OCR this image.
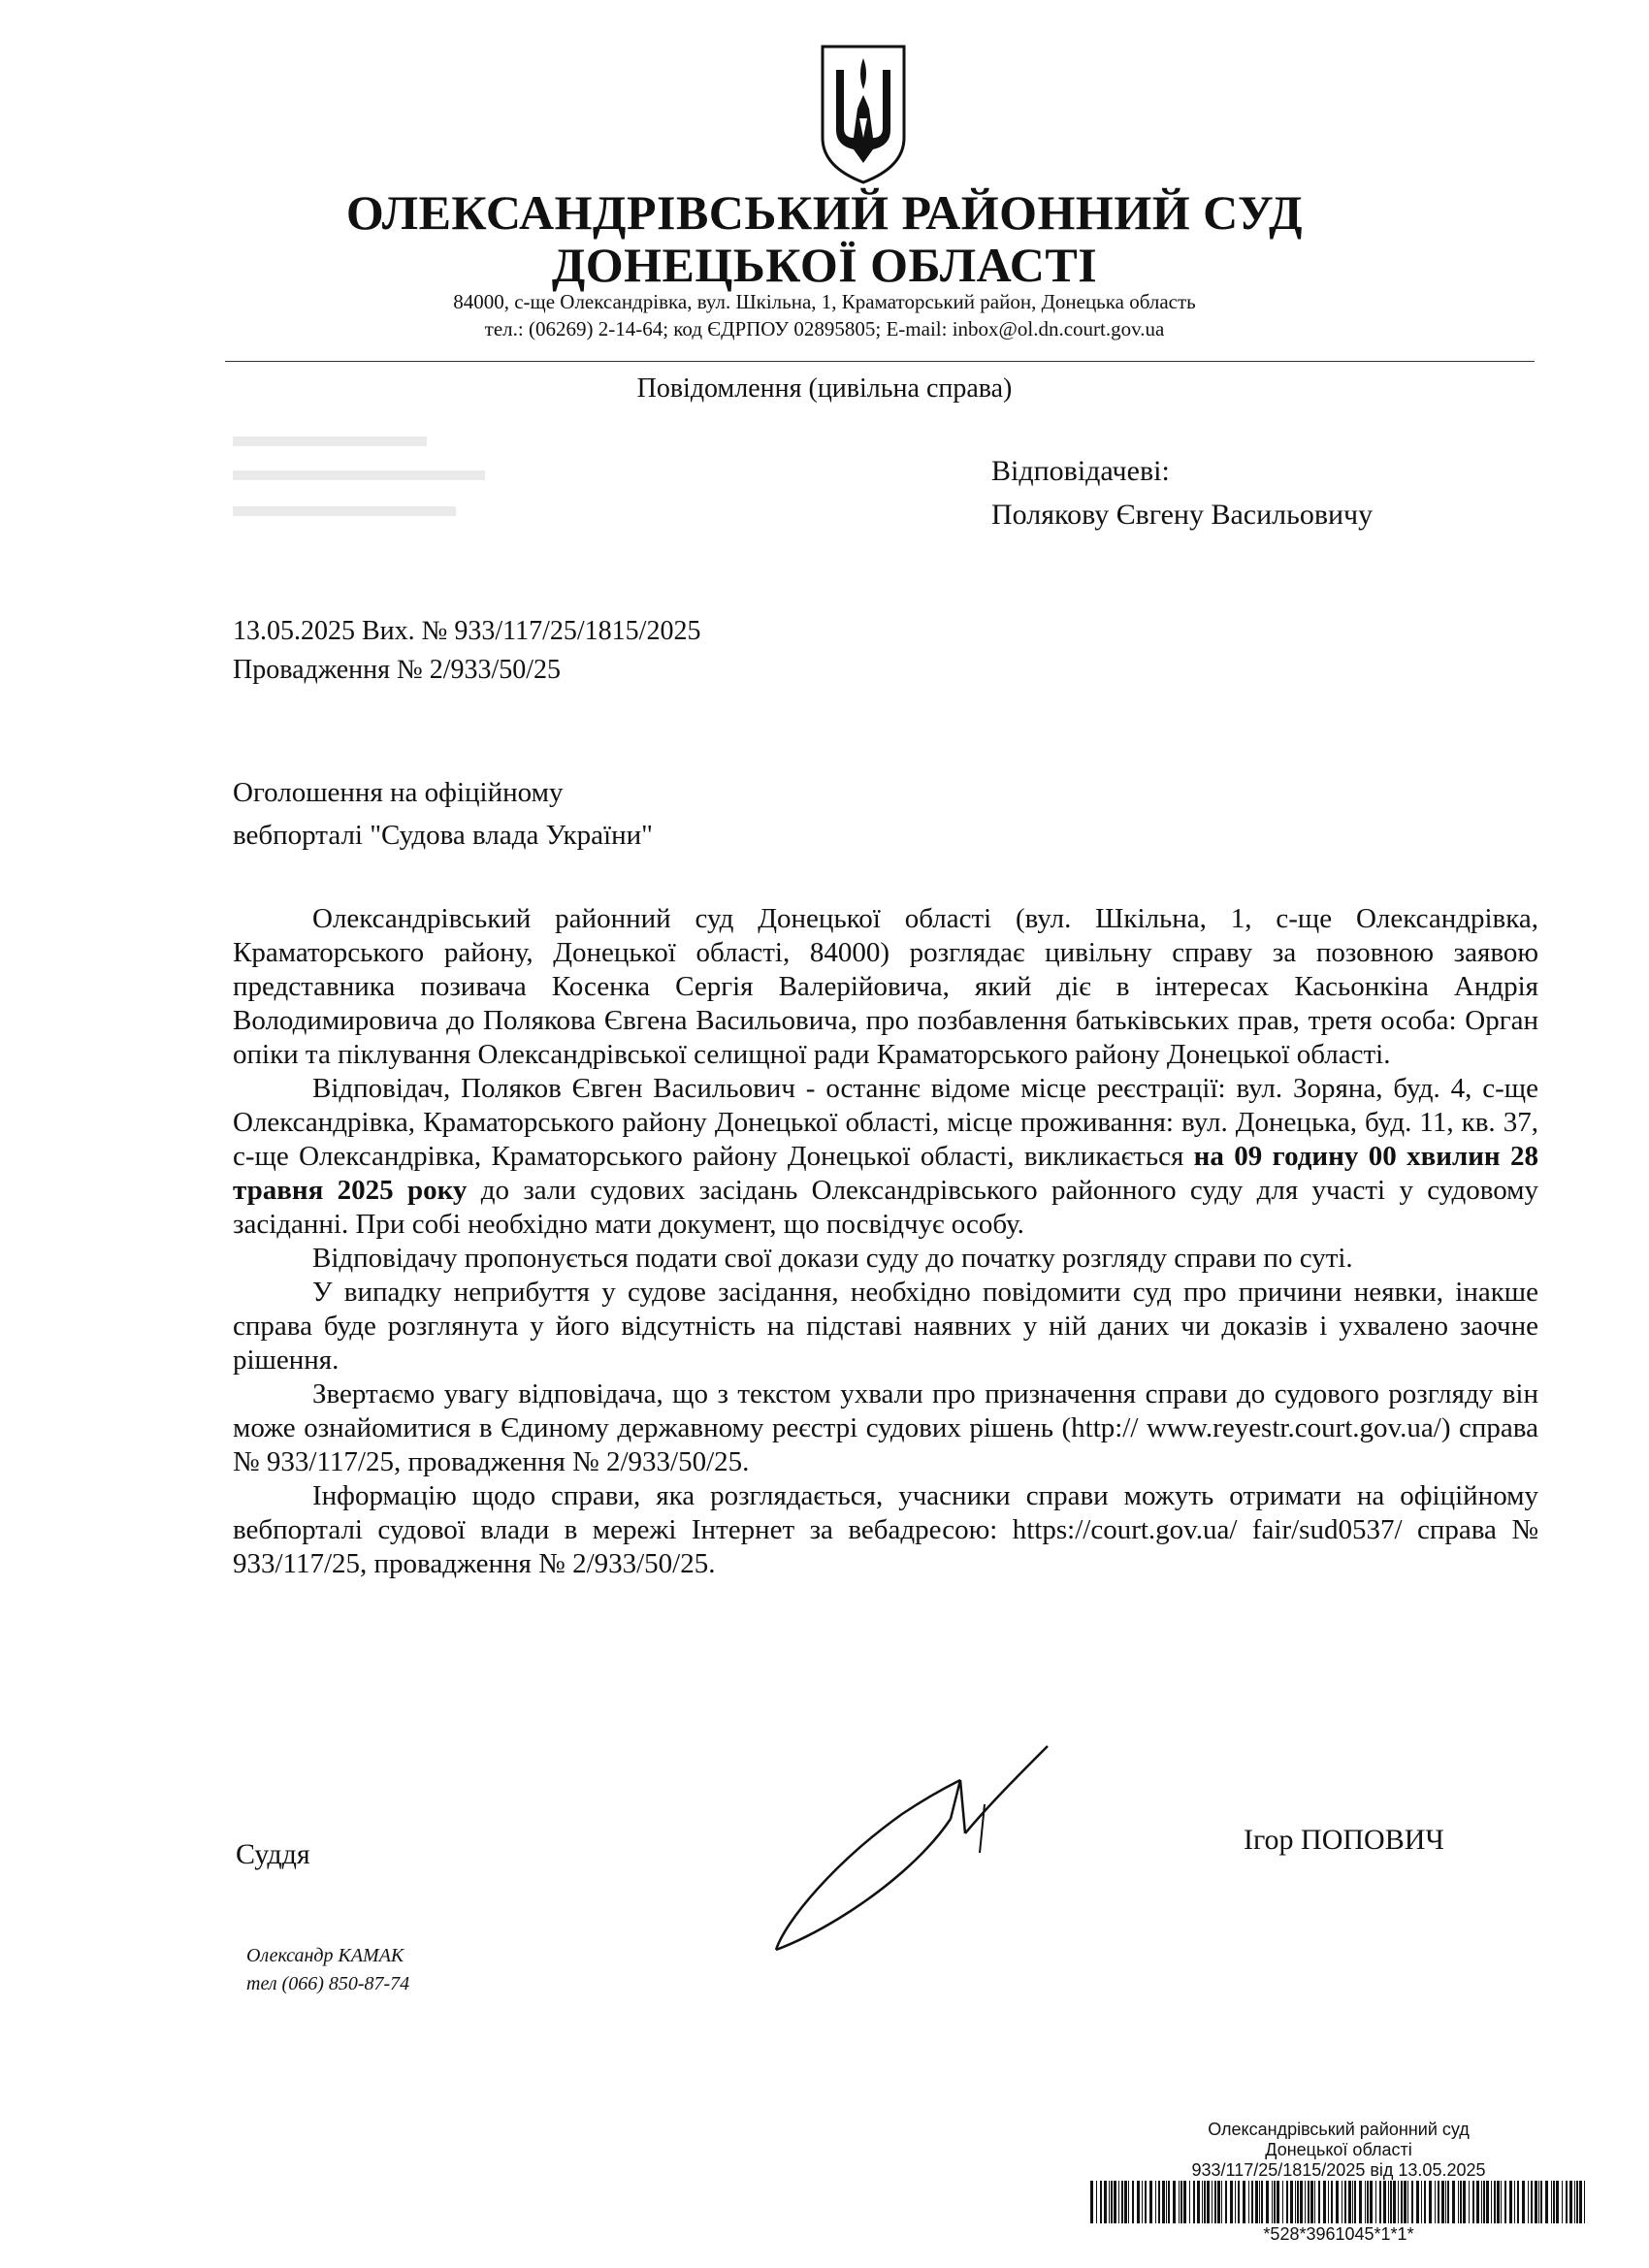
ОЛЕКСАНДРІВСЬКИЙ РАЙОННИЙ СУД
ДОНЕЦЬКОЇ ОБЛАСТІ
84000, с-ще Олександрівка, вул. Шкільна, 1, Краматорський район, Донецька область
тел.: (06269) 2-14-64; код ЄДРПОУ 02895805; E-mail: inbox@ol.dn.court.gov.ua
Повідомлення (цивільна справа)
Відповідачеві:
Полякову Євгену Васильовичу
13.05.2025 Вих. № 933/117/25/1815/2025
Провадження № 2/933/50/25
Оголошення на офіційному
вебпорталі "Судова влада України"

Олександрівський районний суд Донецької області (вул. Шкільна, 1, с-ще Олександрівка, Краматорського району, Донецької області, 84000) розглядає цивільну справу за позовною заявою представника позивача Косенка Сергія Валерійовича, який діє в інтересах Касьонкіна Андрія Володимировича до Полякова Євгена Васильовича, про позбавлення батьківських прав, третя особа: Орган опіки та піклування Олександрівської селищної ради Краматорського району Донецької області.

Відповідач, Поляков Євген Васильович - останнє відоме місце реєстрації: вул. Зоряна, буд. 4, с-ще Олександрівка, Краматорського району Донецької області, місце проживання: вул. Донецька, буд. 11, кв. 37, с-ще Олександрівка, Краматорського району Донецької області, викликається на 09 годину 00 хвилин 28 травня 2025 року до зали судових засідань Олександрівського районного суду для участі у судовому засіданні. При собі необхідно мати документ, що посвідчує особу.

Відповідачу пропонується подати свої докази суду до початку розгляду справи по суті.

У випадку неприбуття у судове засідання, необхідно повідомити суд про причини неявки, інакше справа буде розглянута у його відсутність на підставі наявних у ній даних чи доказів і ухвалено заочне рішення.

Звертаємо увагу відповідача, що з текстом ухвали про призначення справи до судового розгляду він може ознайомитися в Єдиному державному реєстрі судових рішень (http:// www.reyestr.court.gov.ua/) справа № 933/117/25, провадження № 2/933/50/25.

Інформацію щодо справи, яка розглядається, учасники справи можуть отримати на офіційному вебпорталі судової влади в мережі Інтернет за вебадресою: https://court.gov.ua/ fair/sud0537/ справа № 933/117/25, провадження № 2/933/50/25.

Суддя	Ігор ПОПОВИЧ
Олександр КАМАК
тел (066) 850-87-74
Олександрівський районний суд
Донецької області
933/117/25/1815/2025 від 13.05.2025
*528*3961045*1*1*
